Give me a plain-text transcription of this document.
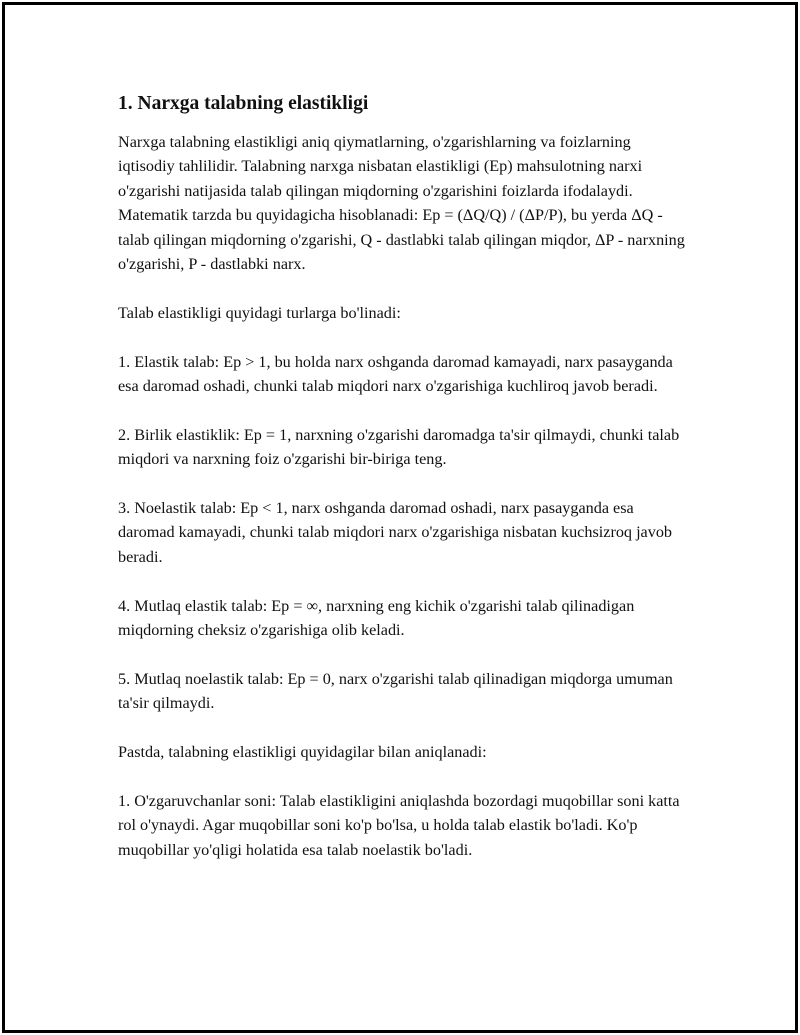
1. Narxga talabning elastikligi

Narxga talabning elastikligi aniq qiymatlarning, o'zgarishlarning va foizlarning iqtisodiy tahlilidir. Talabning narxga nisbatan elastikligi (Ep) mahsulotning narxi o'zgarishi natijasida talab qilingan miqdorning o'zgarishini foizlarda ifodalaydi. Matematik tarzda bu quyidagicha hisoblanadi: Ep = (ΔQ/Q) / (ΔP/P), bu yerda ΔQ - talab qilingan miqdorning o'zgarishi, Q - dastlabki talab qilingan miqdor, ΔP - narxning o'zgarishi, P - dastlabki narx.

Talab elastikligi quyidagi turlarga bo'linadi:

1. Elastik talab: Ep > 1, bu holda narx oshganda daromad kamayadi, narx pasayganda esa daromad oshadi, chunki talab miqdori narx o'zgarishiga kuchliroq javob beradi.

2. Birlik elastiklik: Ep = 1, narxning o'zgarishi daromadga ta'sir qilmaydi, chunki talab miqdori va narxning foiz o'zgarishi bir-biriga teng.

3. Noelastik talab: Ep < 1, narx oshganda daromad oshadi, narx pasayganda esa daromad kamayadi, chunki talab miqdori narx o'zgarishiga nisbatan kuchsizroq javob beradi.

4. Mutlaq elastik talab: Ep = ∞, narxning eng kichik o'zgarishi talab qilinadigan miqdorning cheksiz o'zgarishiga olib keladi.

5. Mutlaq noelastik talab: Ep = 0, narx o'zgarishi talab qilinadigan miqdorga umuman ta'sir qilmaydi.

Pastda, talabning elastikligi quyidagilar bilan aniqlanadi:

1. O'zgaruvchanlar soni: Talab elastikligini aniqlashda bozordagi muqobillar soni katta rol o'ynaydi. Agar muqobillar soni ko'p bo'lsa, u holda talab elastik bo'ladi. Ko'p muqobillar yo'qligi holatida esa talab noelastik bo'ladi.
